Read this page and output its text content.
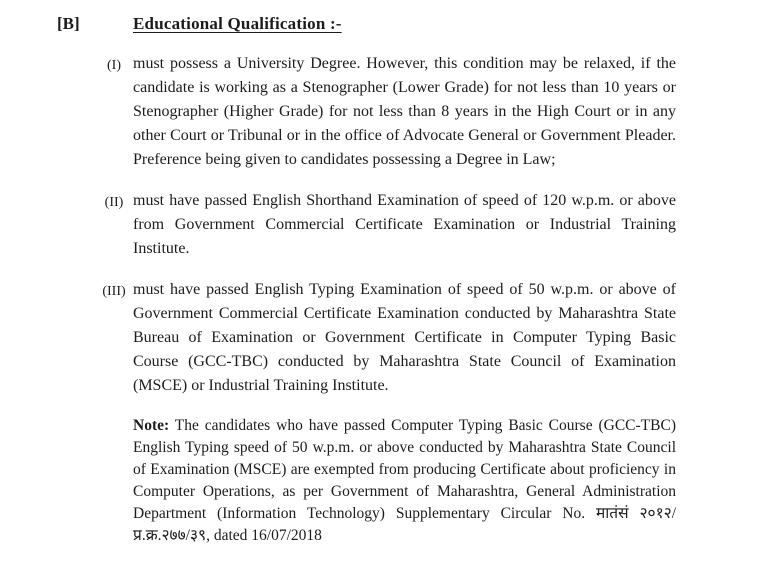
[B]	Educational Qualification :-
(I) must possess a University Degree. However, this condition may be relaxed, if the candidate is working as a Stenographer (Lower Grade) for not less than 10 years or Stenographer (Higher Grade) for not less than 8 years in the High Court or in any other Court or Tribunal or in the office of Advocate General or Government Pleader. Preference being given to candidates possessing a Degree in Law;
(II) must have passed English Shorthand Examination of speed of 120 w.p.m. or above from Government Commercial Certificate Examination or Industrial Training Institute.
(III) must have passed English Typing Examination of speed of 50 w.p.m. or above of Government Commercial Certificate Examination conducted by Maharashtra State Bureau of Examination or Government Certificate in Computer Typing Basic Course (GCC-TBC) conducted by Maharashtra State Council of Examination (MSCE) or Industrial Training Institute.
Note: The candidates who have passed Computer Typing Basic Course (GCC-TBC) English Typing speed of 50 w.p.m. or above conducted by Maharashtra State Council of Examination (MSCE) are exempted from producing Certificate about proficiency in Computer Operations, as per Government of Maharashtra, General Administration Department (Information Technology) Supplementary Circular No. मातंसं २०१२/प्र.क्र.२७७/३९, dated 16/07/2018
